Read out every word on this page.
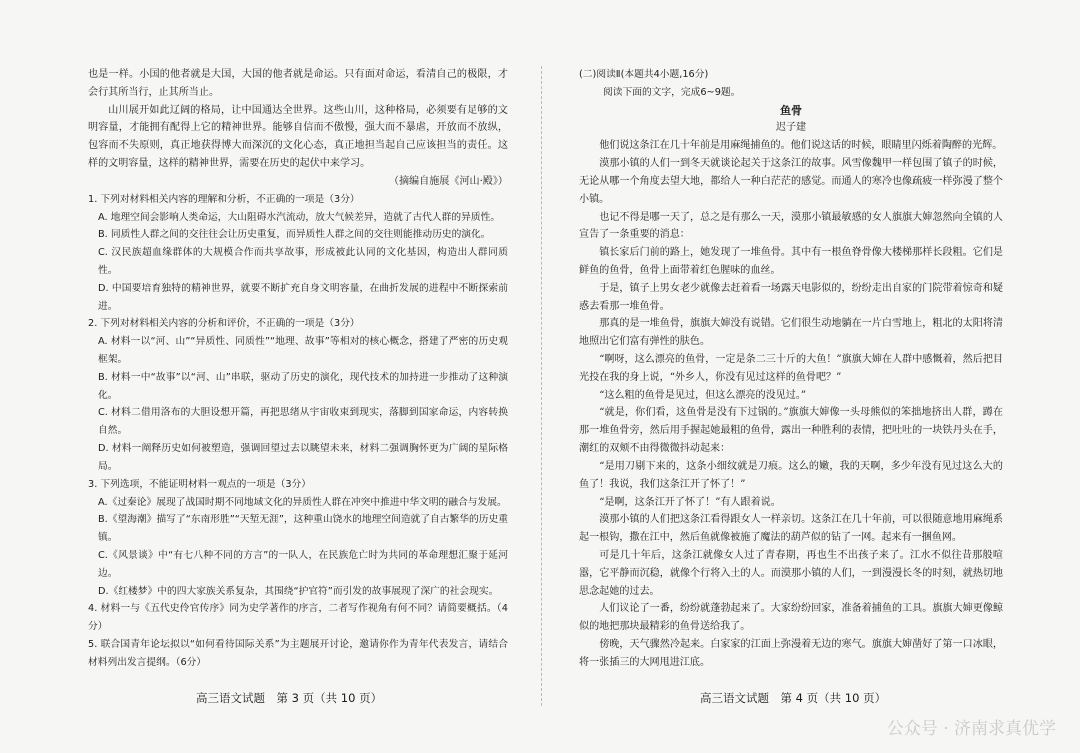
也是一样。小国的他者就是大国，大国的他者就是命运。只有面对命运，看清自己的极限，才会行其所当行，止其所当止。

山川展开如此辽阔的格局，让中国通达全世界。这些山川，这种格局，必须要有足够的文明容量，才能拥有配得上它的精神世界。能够自信而不傲慢，强大而不暴虐，开放而不放纵，包容而不失原则，真正地获得博大而深沉的文化心态，真正地担当起自己应该担当的责任。这样的文明容量，这样的精神世界，需要在历史的起伏中来学习。

（摘编自施展《河山·殿》）

1. 下列对材料相关内容的理解和分析，不正确的一项是（3分）

A. 地理空间会影响人类命运，大山阻碍水汽流动，放大气候差异，造就了古代人群的异质性。

B. 同质性人群之间的交往往会让历史重复，而异质性人群之间的交往则能推动历史的演化。

C. 汉民族超血缘群体的大规模合作而共享故事，形成被此认同的文化基因，构造出人群同质性。

D. 中国要培育独特的精神世界，就要不断扩充自身文明容量，在曲折发展的进程中不断探索前进。

2. 下列对材料相关内容的分析和评价，不正确的一项是（3分）

A. 材料一以“河、山”“异质性、同质性”“地理、故事”等相对的核心概念，搭建了严密的历史观框架。

B. 材料一中“故事”以“河、山”串联，驱动了历史的演化，现代技术的加持进一步推动了这种演化。

C. 材料二借用洛布的大胆设想开篇，再把思绪从宇宙收束到现实，落脚到国家命运，内容转换自然。

D. 材料一阐释历史如何被塑造，强调回望过去以眺望未来，材料二强调胸怀更为广阔的星际格局。

3. 下列选项，不能证明材料一观点的一项是（3分）

A.《过秦论》展现了战国时期不同地域文化的异质性人群在冲突中推进中华文明的融合与发展。

B.《望海潮》描写了“东南形胜”“天堑无涯”，这种重山饶水的地理空间造就了自古繁华的历史重镇。

C.《风景谈》中“有七八种不同的方言”的一队人，在民族危亡时为共同的革命理想汇聚于延河边。

D.《红楼梦》中的四大家族关系复杂，其围绕“护官符”而引发的故事展现了深广的社会现实。

4. 材料一与《五代史伶官传序》同为史学著作的序言，二者写作视角有何不同？请简要概括。（4分）

5. 联合国青年论坛拟以“如何看待国际关系”为主题展开讨论，邀请你作为青年代表发言，请结合材料列出发言提纲。（6分）

高三语文试题　第 3 页（共 10 页）

(二)阅读Ⅱ(本题共4小题,16分)

阅读下面的文字，完成6~9题。

鱼骨

迟子建

他们说这条江在几十年前是用麻绳捕鱼的。他们说这话的时候，眼睛里闪烁着陶醉的光辉。

漠那小镇的人们一到冬天就谈论起关于这条江的故事。风雪像魏甲一样包围了镇子的时候，无论从哪一个角度去望大地，都给人一种白茫茫的感觉。而通人的寒冷也像疏疲一样弥漫了整个小镇。

也记不得是哪一天了，总之是有那么一天，漠那小镇最敏感的女人旗旗大婶忽然向全镇的人宣告了一条重要的消息：

镇长家后门前的路上，她发现了一堆鱼骨。其中有一根鱼脊骨像大楼梯那样长段粗。它们是鲜鱼的鱼骨，鱼骨上面带着红色腥味的血丝。

于是，镇子上男女老少就像去赶着看一场露天电影似的，纷纷走出自家的门院带着惊奇和疑惑去看那一堆鱼骨。

那真的是一堆鱼骨，旗旗大婶没有说错。它们很生动地躺在一片白雪地上，粗北的太阳将清地照出它们富有弹性的肤色。

“啊呀，这么漂亮的鱼骨，一定是条二三十斤的大鱼！”旗旗大婶在人群中感慨着，然后把目光投在我的身上说，“外乡人，你没有见过这样的鱼骨吧？”

“这么粗的鱼骨是见过，但这么漂亮的没见过。”

“就是，你们看，这鱼骨是没有下过锅的。”旗旗大婶像一头母熊似的笨拙地挤出人群，蹲在那一堆鱼骨旁，然后用手握起她最粗的鱼骨，露出一种胜利的表情，把吐吐的一块铁丹头在手，潮红的双颊不由得微微抖动起来：

“是用刀剔下来的，这条小细纹就是刀痕。这么的嫩，我的天啊，多少年没有见过这么大的鱼了！我说，我们这条江开了怀了！”

“是啊，这条江开了怀了！”有人跟着说。

漠那小镇的人们把这条江看得跟女人一样亲切。这条江在几十年前，可以很随意地用麻绳系起一根钩，撒在江中，然后鱼就像被施了魔法的葫芦似的钻了一网。起来有一捆鱼网。

可是几十年后，这条江就像女人过了青春期，再也生不出孩子来了。江水不似往昔那般喧嚣，它平静而沉稳，就像个行将入土的人。而漠那小镇的人们，一到漫漫长冬的时刻，就热切地思念起她的过去。

人们议论了一番，纷纷就蓬勃起来了。大家纷纷回家，准备着捕鱼的工具。旗旗大婶更像鲸似的地把那块最精彩的鱼骨送给我了。

傍晚，天气骤然冷起来。白家家的江面上弥漫着无边的寒气。旗旗大婶凿好了第一口冰眼，将一张插三的大网甩进江底。

高三语文试题　第 4 页（共 10 页）
公众号 · 济南求真优学
